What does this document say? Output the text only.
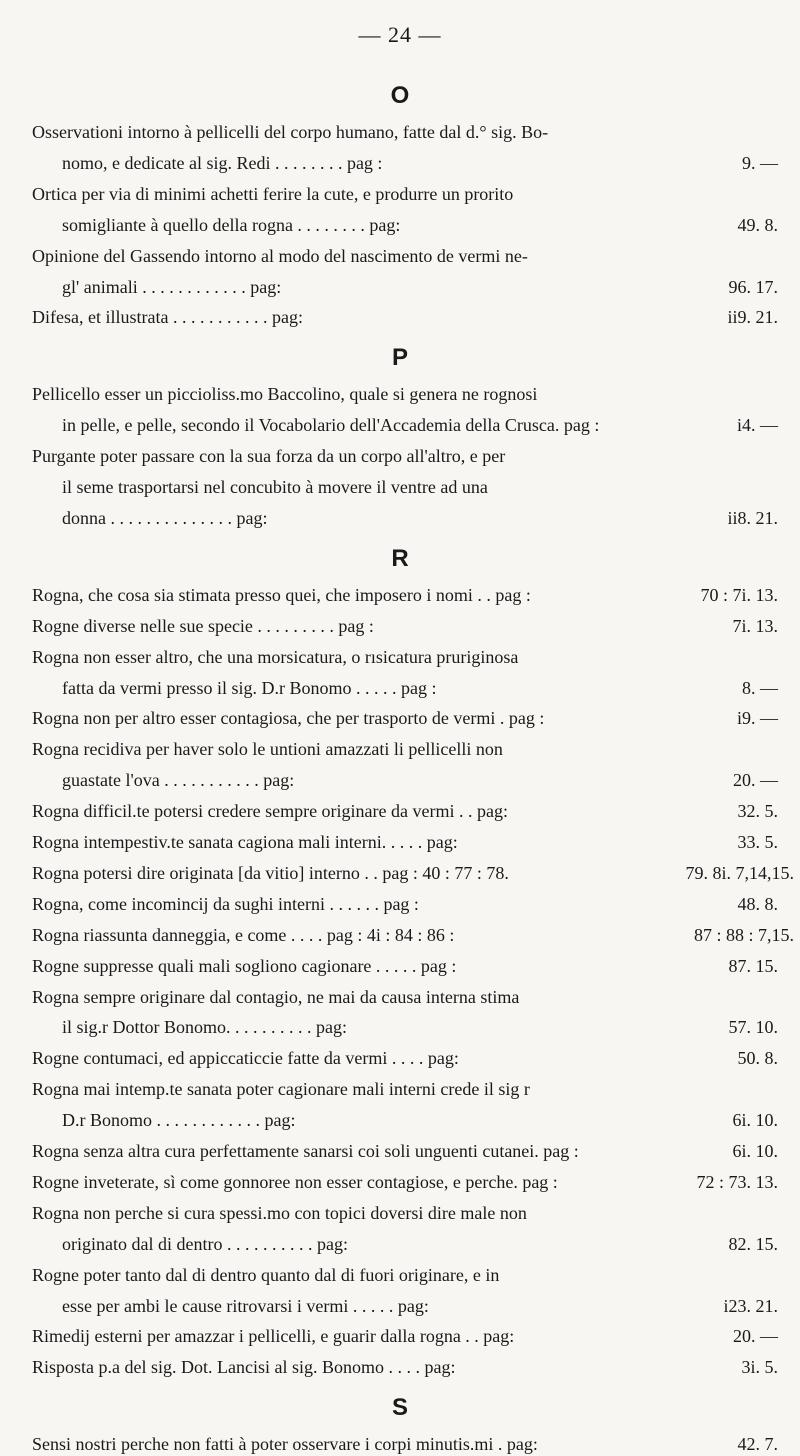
— 24 —
O
Osservationi intorno à pellicelli del corpo humano, fatte dal d.° sig. Bo-
nomo, e dedicate al sig. Redi . . . . . . . . pag :	9. —
Ortica per via di minimi achetti ferire la cute, e produrre un prorito
somigliante à quello della rogna . . . . . . . . pag:	49. 8.
Opinione del Gassendo intorno al modo del nascimento de vermi ne-
gl' animali . . . . . . . . . . . . pag:	96. 17.
Difesa, et illustrata . . . . . . . . . . . pag:	ii9. 21.
P
Pellicello esser un piccioliss.mo Baccolino, quale si genera ne rognosi
in pelle, e pelle, secondo il Vocabolario dell'Accademia della Crusca. pag :	i4. —
Purgante poter passare con la sua forza da un corpo all'altro, e per
il seme trasportarsi nel concubito à movere il ventre ad una
donna . . . . . . . . . . . . . . pag:	ii8. 21.
R
Rogna, che cosa sia stimata presso quei, che imposero i nomi . . pag :	70 : 7i. 13.
Rogne diverse nelle sue specie . . . . . . . . . pag :	7i. 13.
Rogna non esser altro, che una morsicatura, o rısicatura pruriginosa
fatta da vermi presso il sig. D.r Bonomo . . . . . pag :	8. —
Rogna non per altro esser contagiosa, che per trasporto de vermi . pag :	i9. —
Rogna recidiva per haver solo le untioni amazzati li pellicelli non
guastate l'ova . . . . . . . . . . . pag:	20. —
Rogna difficil.te potersi credere sempre originare da vermi . . pag:	32. 5.
Rogna intempestiv.te sanata cagiona mali interni. . . . . pag:	33. 5.
Rogna potersi dire originata [da vitio] interno . . pag : 40 : 77 : 78.	79. 8i. 7,14,15.
Rogna, come incominciј da sughi interni . . . . . . pag :	48. 8.
Rogna riassunta danneggia, e come . . . . pag : 4i : 84 : 86 :	87 : 88 : 7,15.
Rogne suppresse quali mali sogliono cagionare . . . . . pag :	87. 15.
Rogna sempre originare dal contagio, ne mai da causa interna stima
il sig.r Dottor Bonomo. . . . . . . . . . pag:	57. 10.
Rogne contumaci, ed appiccaticcie fatte da vermi . . . . pag:	50. 8.
Rogna mai intemp.te sanata poter cagionare mali interni crede il sig r
D.r Bonomo . . . . . . . . . . . . pag:	6i. 10.
Rogna senza altra cura perfettamente sanarsi coi soli unguenti cutanei. pag :	6i. 10.
Rogne inveterate, sì come gonnoree non esser contagiose, e perche. pag :	72 : 73. 13.
Rogna non perche si cura spessi.mo con topici doversi dire male non
originato dal di dentro . . . . . . . . . . pag:	82. 15.
Rogne poter tanto dal di dentro quanto dal di fuori originare, e in
esse per ambi le cause ritrovarsi i vermi . . . . . pag:	i23. 21.
Rimedij esterni per amazzar i pellicelli, e guarir dalla rogna . . pag:	20. —
Risposta p.a del sig. Dot. Lancisi al sig. Bonomo . . . . pag:	3i. 5.
S
Sensi nostri perche non fatti à poter osservare i corpi minutis.mi . pag:	42. 7.
